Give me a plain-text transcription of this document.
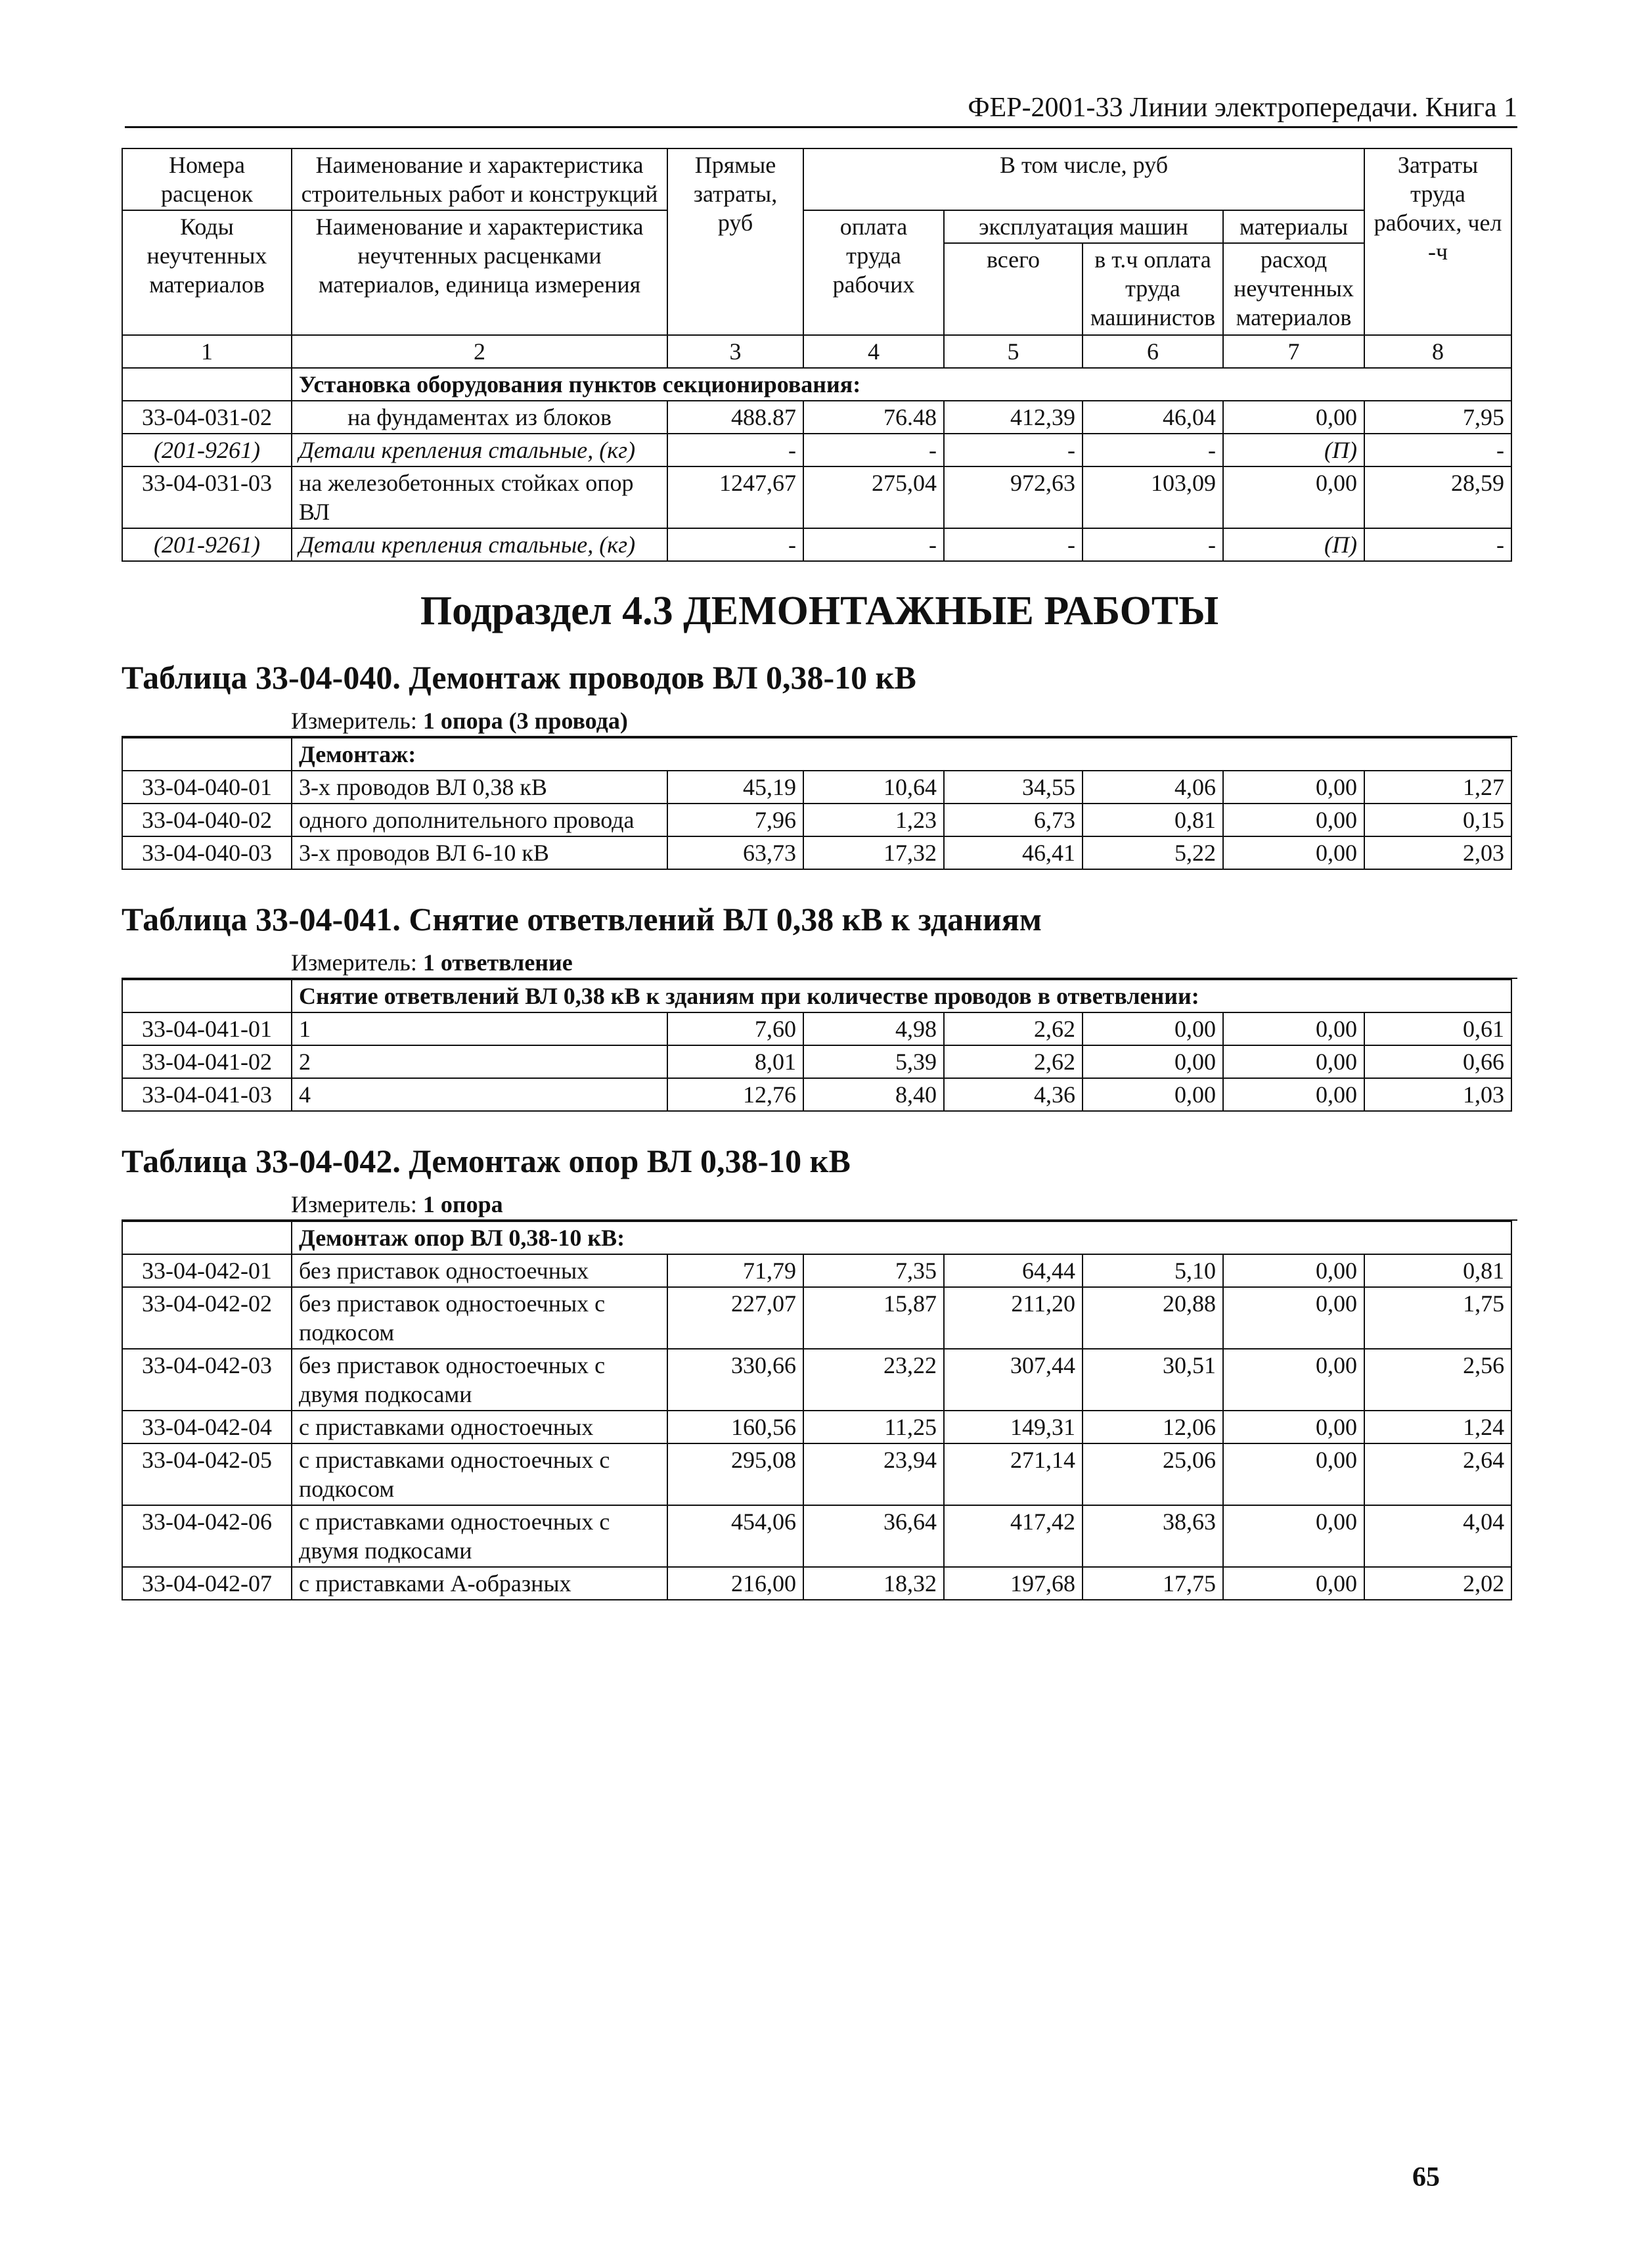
ФЕР-2001-33 Линии электропередачи. Книга 1
Номера расценок	Наименование и характеристика строительных работ и конструкций	Прямые затраты, руб	В том числе, руб				Затраты труда рабочих, чел -ч
Коды неучтенных материалов	Наименование и характеристика неучтенных расценками материалов, единица измерения		оплата труда рабочих	эксплуатация машин		материалы	
				всего	в т.ч оплата труда машинистов	расход неучтенных материалов	
1	2	3	4	5	6	7	8
	Установка оборудования пунктов секционирования:						
33-04-031-02	на фундаментах из блоков	488.87	76.48	412,39	46,04	0,00	7,95
(201-9261)	Детали крепления стальные, (кг)	-	-	-	-	(П)	-
33-04-031-03	на железобетонных стойках опор ВЛ	1247,67	275,04	972,63	103,09	0,00	28,59
(201-9261)	Детали крепления стальные, (кг)	-	-	-	-	(П)	-
Подраздел 4.3 ДЕМОНТАЖНЫЕ РАБОТЫ
Таблица 33-04-040. Демонтаж проводов ВЛ 0,38-10 кВ
Измеритель: 1 опора (3 провода)
	Демонтаж:						
33-04-040-01	3-х проводов ВЛ 0,38 кВ	45,19	10,64	34,55	4,06	0,00	1,27
33-04-040-02	одного дополнительного провода	7,96	1,23	6,73	0,81	0,00	0,15
33-04-040-03	3-х проводов ВЛ 6-10 кВ	63,73	17,32	46,41	5,22	0,00	2,03
Таблица 33-04-041. Снятие ответвлений ВЛ 0,38 кВ к зданиям
Измеритель: 1 ответвление
	Снятие ответвлений ВЛ 0,38 кВ к зданиям при количестве проводов в ответвлении:						
33-04-041-01	1	7,60	4,98	2,62	0,00	0,00	0,61
33-04-041-02	2	8,01	5,39	2,62	0,00	0,00	0,66
33-04-041-03	4	12,76	8,40	4,36	0,00	0,00	1,03
Таблица 33-04-042. Демонтаж опор ВЛ 0,38-10 кВ
Измеритель: 1 опора
	Демонтаж опор ВЛ 0,38-10 кВ:						
33-04-042-01	без приставок одностоечных	71,79	7,35	64,44	5,10	0,00	0,81
33-04-042-02	без приставок одностоечных с подкосом	227,07	15,87	211,20	20,88	0,00	1,75
33-04-042-03	без приставок одностоечных с двумя подкосами	330,66	23,22	307,44	30,51	0,00	2,56
33-04-042-04	с приставками одностоечных	160,56	11,25	149,31	12,06	0,00	1,24
33-04-042-05	с приставками одностоечных с подкосом	295,08	23,94	271,14	25,06	0,00	2,64
33-04-042-06	с приставками одностоечных с двумя подкосами	454,06	36,64	417,42	38,63	0,00	4,04
33-04-042-07	с приставками А-образных	216,00	18,32	197,68	17,75	0,00	2,02
65
